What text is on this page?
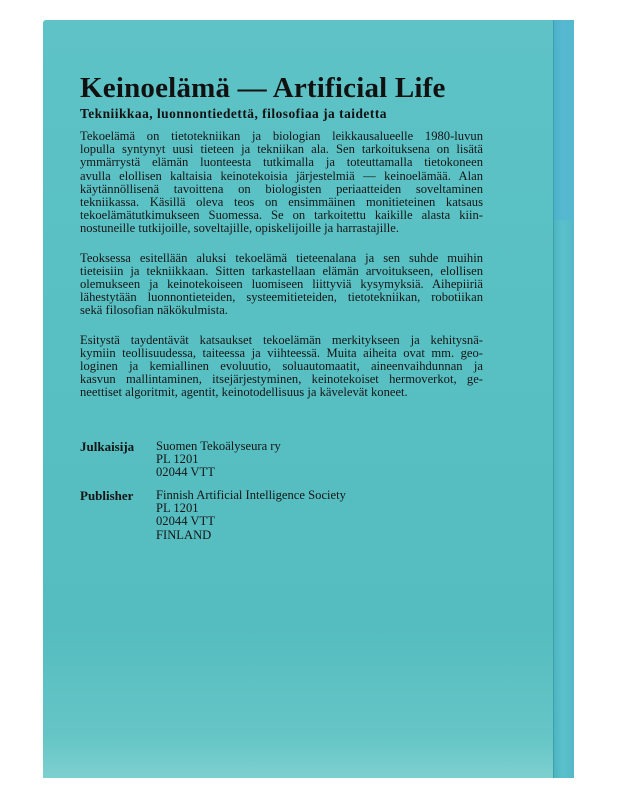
Keinoelämä — Artificial Life
Tekniikkaa, luonnontiedettä, filosofiaa ja taidetta
Tekoelämä on tietotekniikan ja biologian leikkausalueelle 1980-luvun
lopulla syntynyt uusi tieteen ja tekniikan ala. Sen tarkoituksena on lisätä
ymmärrystä elämän luonteesta tutkimalla ja toteuttamalla tietokoneen
avulla elollisen kaltaisia keinotekoisia järjestelmiä — keinoelämää. Alan
käytännöllisenä tavoittena on biologisten periaatteiden soveltaminen
tekniikassa. Käsillä oleva teos on ensimmäinen monitieteinen katsaus
tekoelämätutkimukseen Suomessa. Se on tarkoitettu kaikille alasta kiin-
nostuneille tutkijoille, soveltajille, opiskelijoille ja harrastajille.
Teoksessa esitellään aluksi tekoelämä tieteenalana ja sen suhde muihin
tieteisiin ja tekniikkaan. Sitten tarkastellaan elämän arvoitukseen, elollisen
olemukseen ja keinotekoiseen luomiseen liittyviä kysymyksiä. Aihepiiriä
lähestytään luonnontieteiden, systeemitieteiden, tietotekniikan, robotiikan
sekä filosofian näkökulmista.
Esitystä taydentävät katsaukset tekoelämän merkitykseen ja kehitysnä-
kymiin teollisuudessa, taiteessa ja viihteessä. Muita aiheita ovat mm. geo-
loginen ja kemiallinen evoluutio, soluautomaatit, aineenvaihdunnan ja
kasvun mallintaminen, itsejärjestyminen, keinotekoiset hermoverkot, ge-
neettiset algoritmit, agentit, keinotodellisuus ja kävelevät koneet.
Julkaisija Suomen Tekoälyseura ry
PL 1201
02044 VTT
Publisher Finnish Artificial Intelligence Society
PL 1201
02044 VTT
FINLAND
